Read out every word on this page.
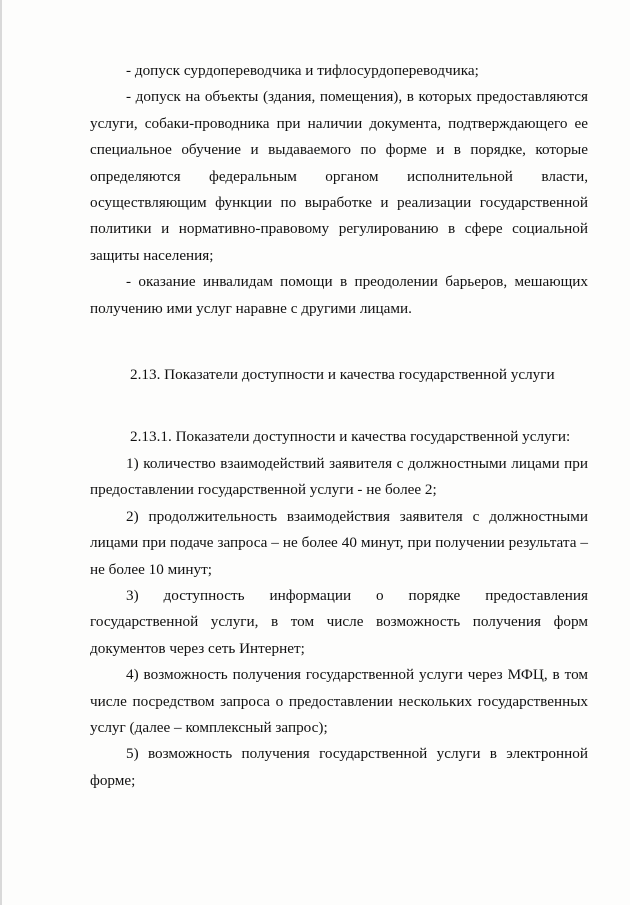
- допуск сурдопереводчика и тифлосурдопереводчика;

- допуск на объекты (здания, помещения), в которых предоставляются услуги, собаки-проводника при наличии документа, подтверждающего ее специальное обучение и выдаваемого по форме и в порядке, которые определяются федеральным органом исполнительной власти, осуществляющим функции по выработке и реализации государственной политики и нормативно-правовому регулированию в сфере социальной защиты населения;

- оказание инвалидам помощи в преодолении барьеров, мешающих получению ими услуг наравне с другими лицами.

2.13. Показатели доступности и качества государственной услуги

2.13.1. Показатели доступности и качества государственной услуги:

1) количество взаимодействий заявителя с должностными лицами при предоставлении государственной услуги - не более 2;

2) продолжительность взаимодействия заявителя с должностными лицами при подаче запроса – не более 40 минут, при получении результата – не более 10 минут;

3) доступность информации о порядке предоставления государственной услуги, в том числе возможность получения форм документов через сеть Интернет;

4) возможность получения государственной услуги через МФЦ, в том числе посредством запроса о предоставлении нескольких государственных услуг (далее – комплексный запрос);

5) возможность получения государственной услуги в электронной форме;
